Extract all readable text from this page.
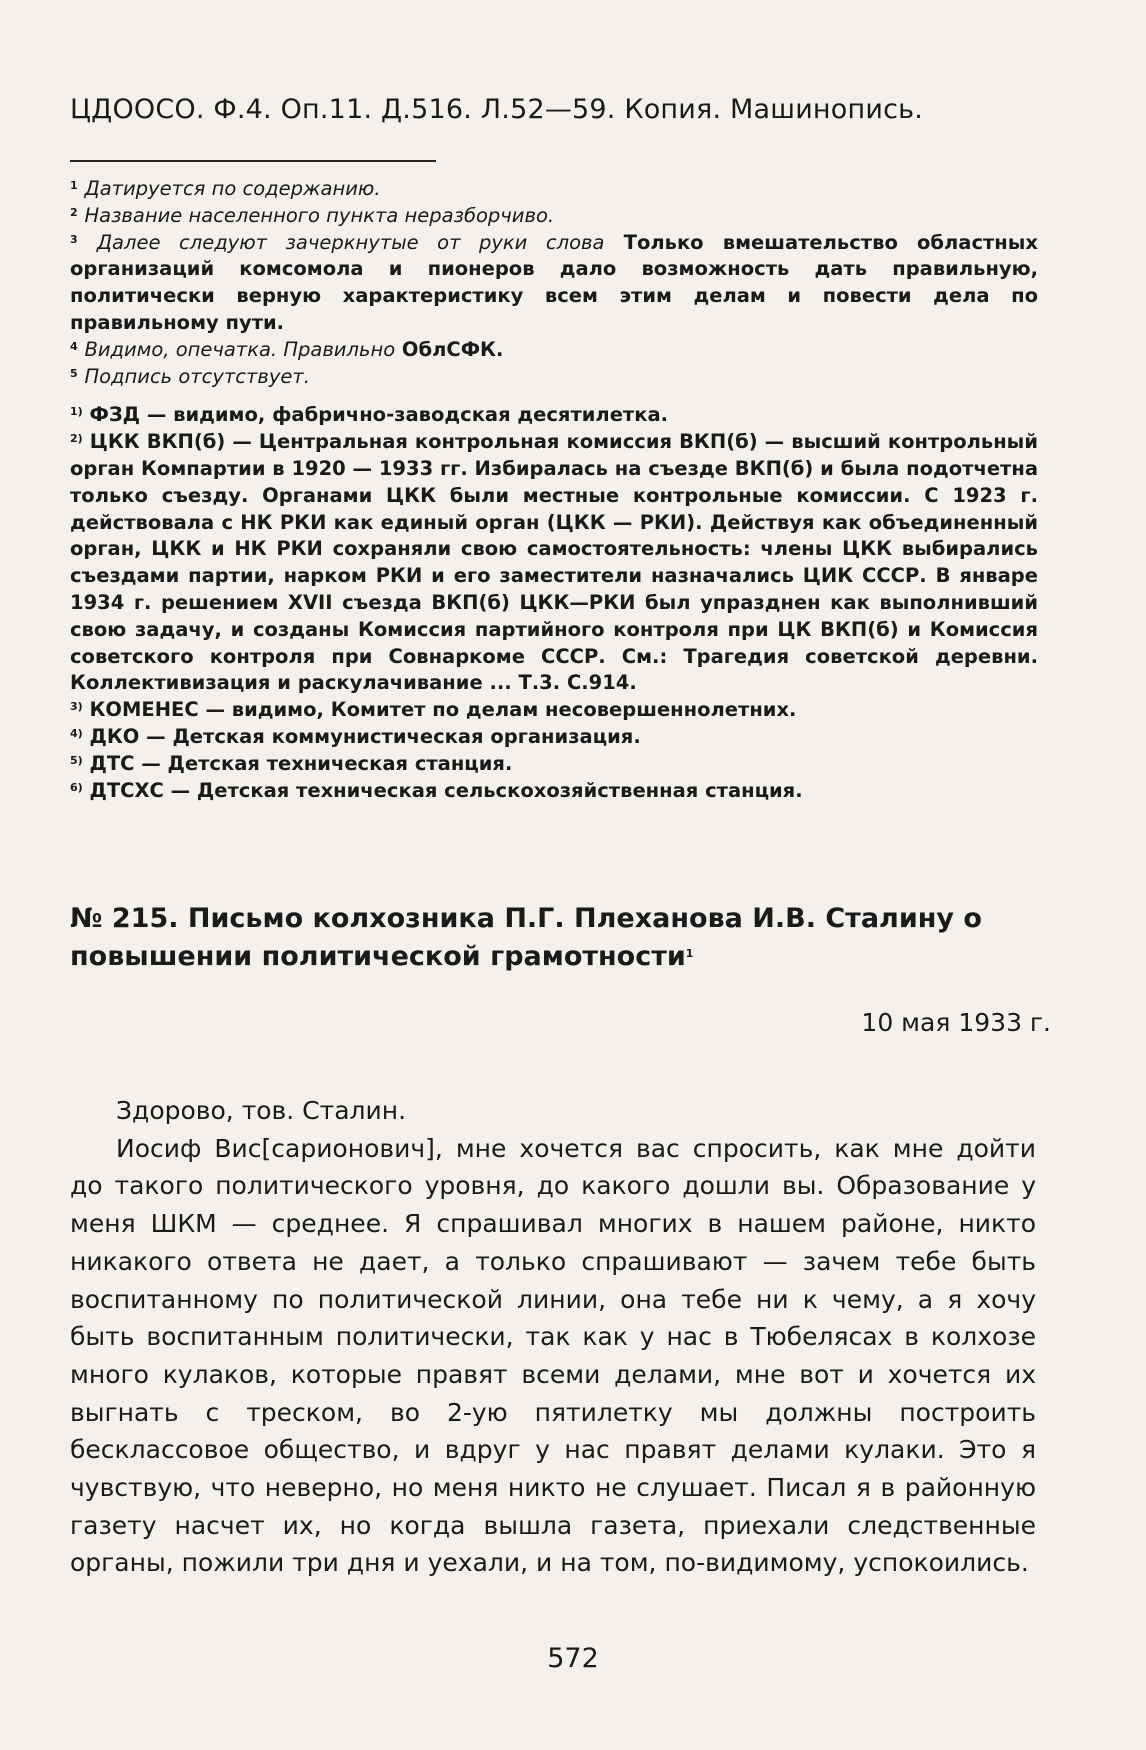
ЦДООСО. Ф.4. Оп.11. Д.516. Л.52—59. Копия. Машинопись.

$^1$ Датируется по содержанию.

$^2$ Название населенного пункта неразборчиво.

$^3$ Далее следуют зачеркнутые от руки слова Только вмешательство областных организаций комсомола и пионеров дало возможность дать правильную, политически верную характеристику всем этим делам и повести дела по правильному пути.

$^4$ Видимо, опечатка. Правильно ОблСФК.

$^5$ Подпись отсутствует.

$^{1)}$ ФЗД — видимо, фабрично-заводская десятилетка.

$^{2)}$ ЦКК ВКП(б) — Центральная контрольная комиссия ВКП(б) — высший контрольный орган Компартии в 1920 — 1933 гг. Избиралась на съезде ВКП(б) и была подотчетна только съезду. Органами ЦКК были местные контрольные комиссии. С 1923 г. действовала с НК РКИ как единый орган (ЦКК — РКИ). Действуя как объединенный орган, ЦКК и НК РКИ сохраняли свою самостоятельность: члены ЦКК выбирались съездами партии, нарком РКИ и его заместители назначались ЦИК СССР. В январе 1934 г. решением XVII съезда ВКП(б) ЦКК—РКИ был упразднен как выполнивший свою задачу, и созданы Комиссия партийного контроля при ЦК ВКП(б) и Комиссия советского контроля при Совнаркоме СССР. См.: Трагедия советской деревни. Коллективизация и раскулачивание ... Т.3. С.914.

$^{3)}$ КОМЕНЕС — видимо, Комитет по делам несовершеннолетних.

$^{4)}$ ДКО — Детская коммунистическая организация.

$^{5)}$ ДТС — Детская техническая станция.

$^{6)}$ ДТСХС — Детская техническая сельскохозяйственная станция.

№ 215. Письмо колхозника П.Г. Плеханова И.В. Сталину о повышении политической грамотности$^1$
10 мая 1933 г.

Здорово, тов. Сталин.

Иосиф Вис[сарионович], мне хочется вас спросить, как мне дойти до такого политического уровня, до какого дошли вы. Образование у меня ШКМ — среднее. Я спрашивал многих в нашем районе, никто никакого ответа не дает, а только спрашивают — зачем тебе быть воспитанному по политической линии, она тебе ни к чему, а я хочу быть воспитанным политически, так как у нас в Тюбелясах в колхозе много кулаков, которые правят всеми делами, мне вот и хочется их выгнать с треском, во 2-ую пятилетку мы должны построить бесклассовое общество, и вдруг у нас правят делами кулаки. Это я чувствую, что неверно, но меня никто не слушает. Писал я в районную газету насчет их, но когда вышла газета, приехали следственные органы, пожили три дня и уехали, и на том, по-видимому, успокоились.

572
